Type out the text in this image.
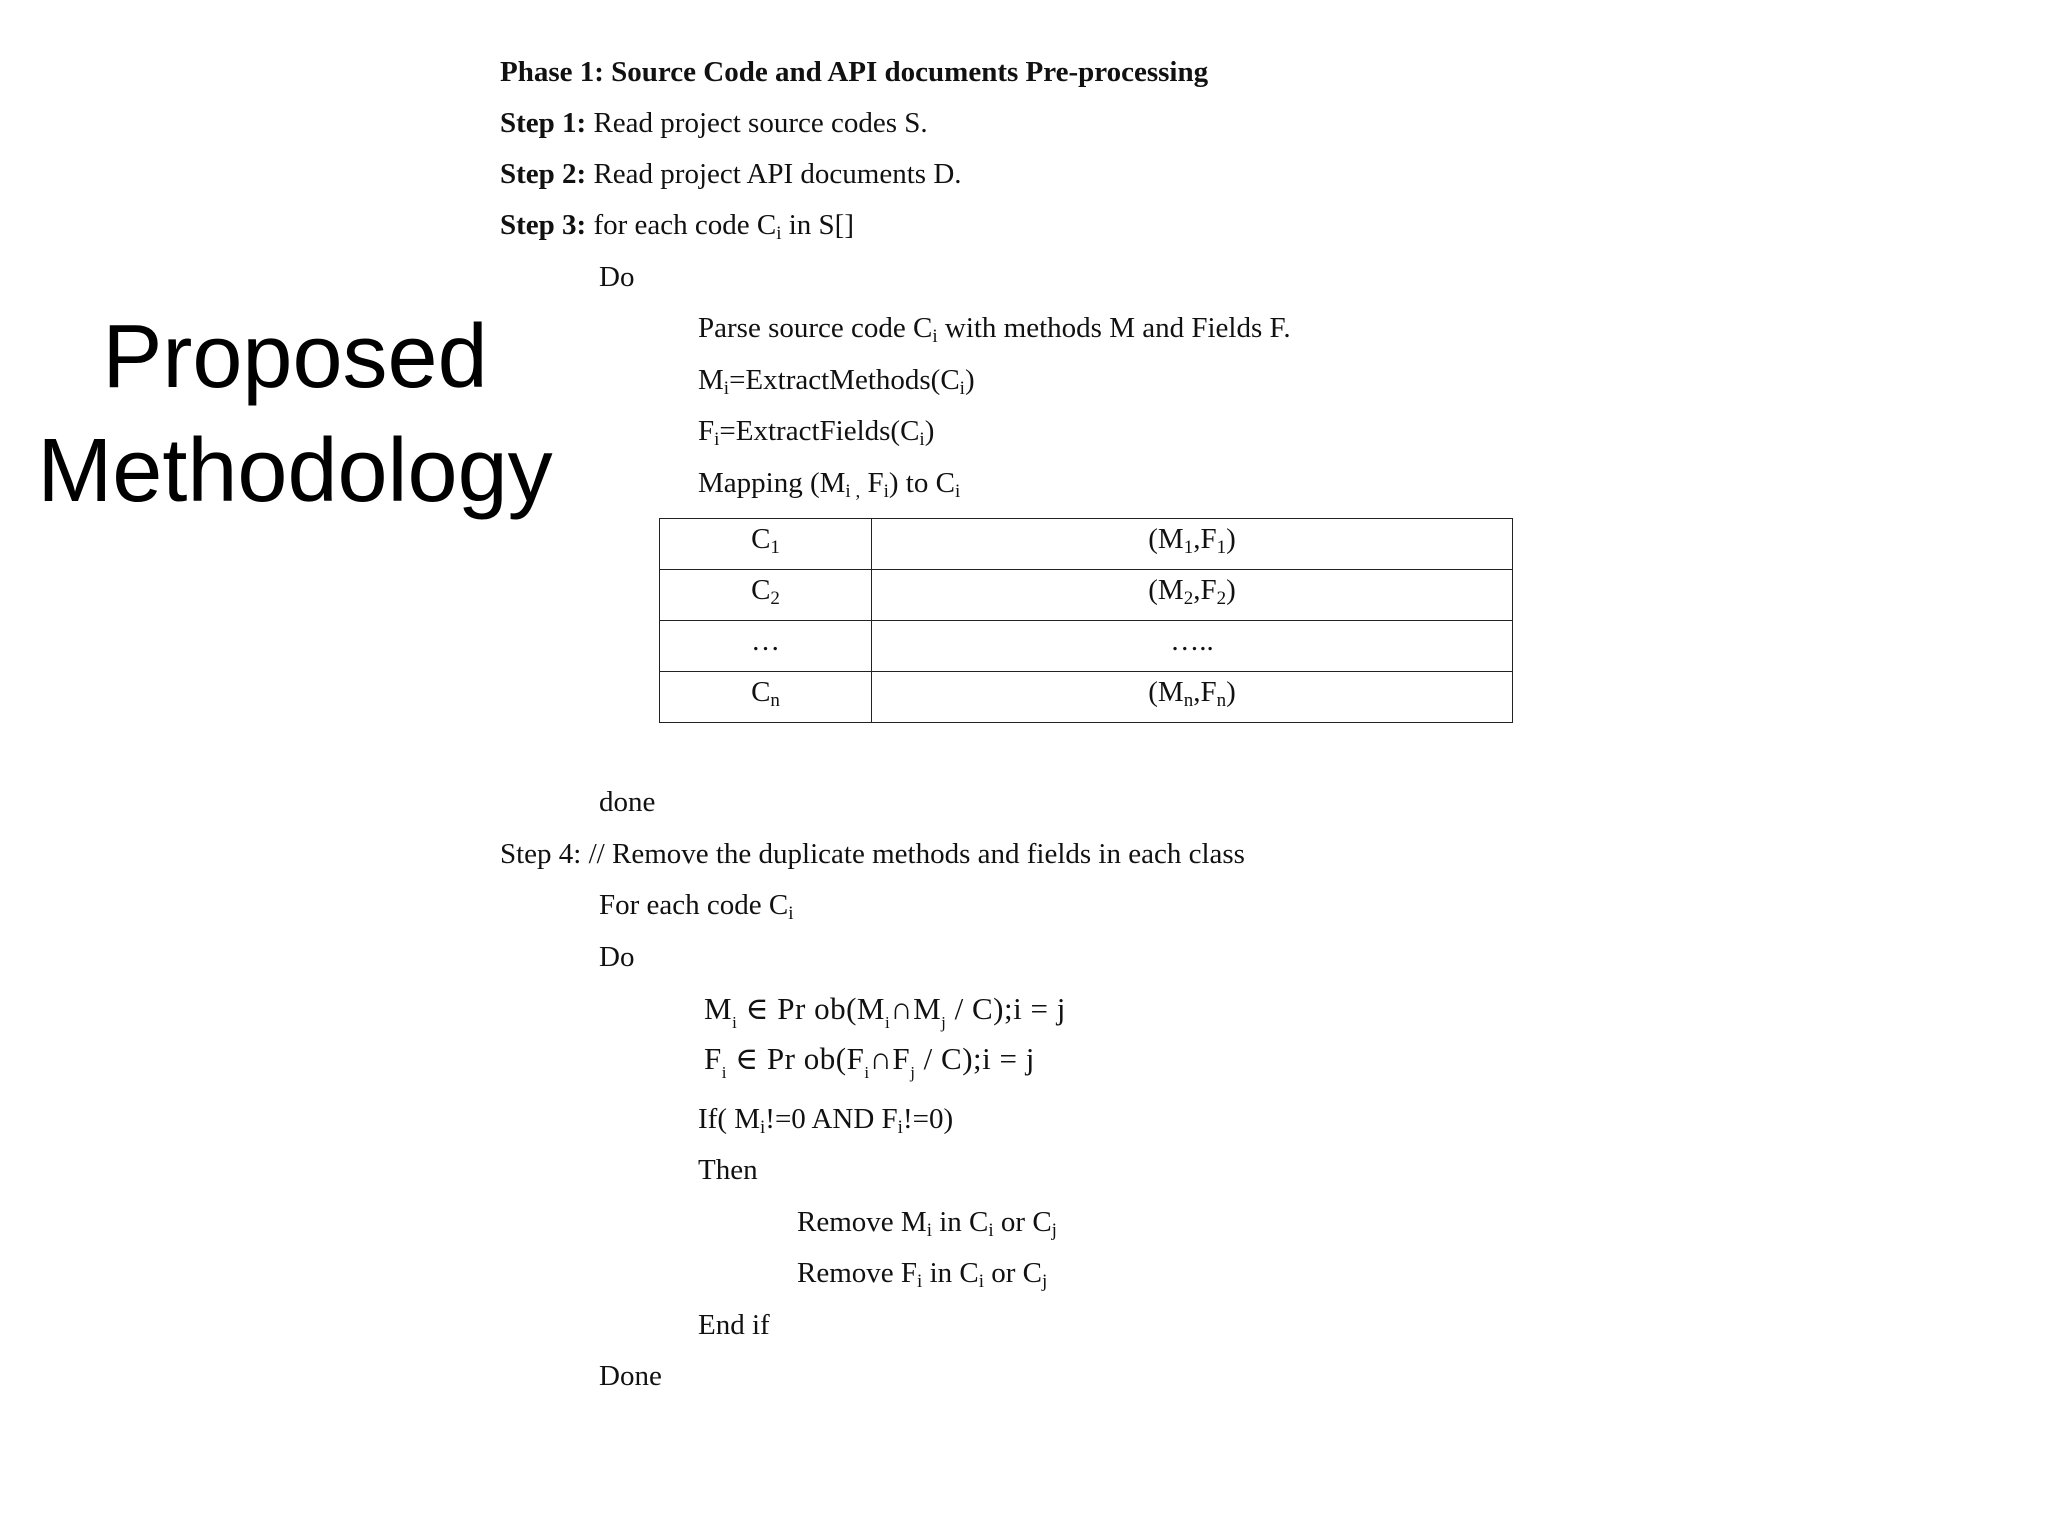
Proposed
Methodology
Phase 1: Source Code and API documents Pre-processing
Step 1: Read project source codes S.
Step 2: Read project API documents D.
Step 3: for each code $C_i$ in S[]
Do
Parse source code $C_i$ with methods M and Fields F.
$M_i=ExtractMethods(C_i)$
$F_i=ExtractFields(C_i)$
Mapping ($M_i$ $_,$ $F_i$) to $C_i$
$C_1$	$(M_1,F_1)$
$C_2$	$(M_2,F_2)$
…	…..
$C_n$	$(M_n,F_n)$
done
Step 4: // Remove the duplicate methods and fields in each class
For each code $C_i$
Do
$M_i$ ∈ Pr $ob(M_i\cap M_j$ / C);i = j
$F_i$ ∈ Pr $ob(F_i\cap F_j$ / C);i = j
If( $M_i!=0$ AND $F_i!=0$)
Then
Remove $M_i$ in $C_i$ or $C_j$
Remove $F_i$ in $C_i$ or $C_j$
End if
Done
